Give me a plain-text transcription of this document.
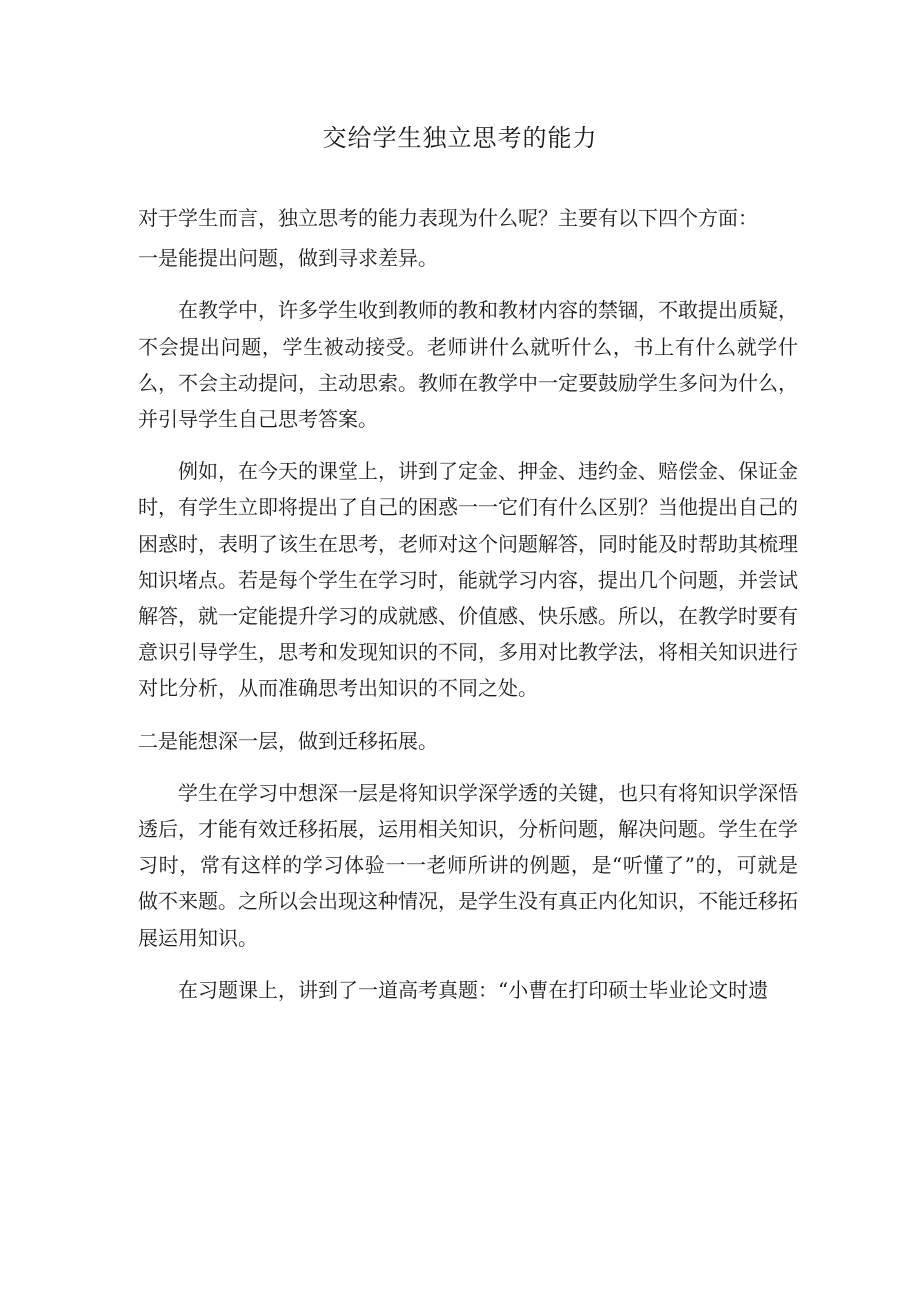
交给学生独立思考的能力

对于学生而言，独立思考的能力表现为什么呢？主要有以下四个方面：

一是能提出问题，做到寻求差异。

在教学中，许多学生收到教师的教和教材内容的禁锢，不敢提出质疑，不会提出问题，学生被动接受。老师讲什么就听什么，书上有什么就学什么，不会主动提问，主动思索。教师在教学中一定要鼓励学生多问为什么，并引导学生自己思考答案。

例如，在今天的课堂上，讲到了定金、押金、违约金、赔偿金、保证金时，有学生立即将提出了自己的困惑一一它们有什么区别？当他提出自己的困惑时，表明了该生在思考，老师对这个问题解答，同时能及时帮助其梳理知识堵点。若是每个学生在学习时，能就学习内容，提出几个问题，并尝试解答，就一定能提升学习的成就感、价值感、快乐感。所以，在教学时要有意识引导学生，思考和发现知识的不同，多用对比教学法，将相关知识进行对比分析，从而准确思考出知识的不同之处。

二是能想深一层，做到迁移拓展。

学生在学习中想深一层是将知识学深学透的关键，也只有将知识学深悟透后，才能有效迁移拓展，运用相关知识，分析问题，解决问题。学生在学习时，常有这样的学习体验一一老师所讲的例题，是“听懂了”的，可就是做不来题。之所以会出现这种情况，是学生没有真正内化知识，不能迁移拓展运用知识。

在习题课上，讲到了一道高考真题：“小曹在打印硕士毕业论文时遗
